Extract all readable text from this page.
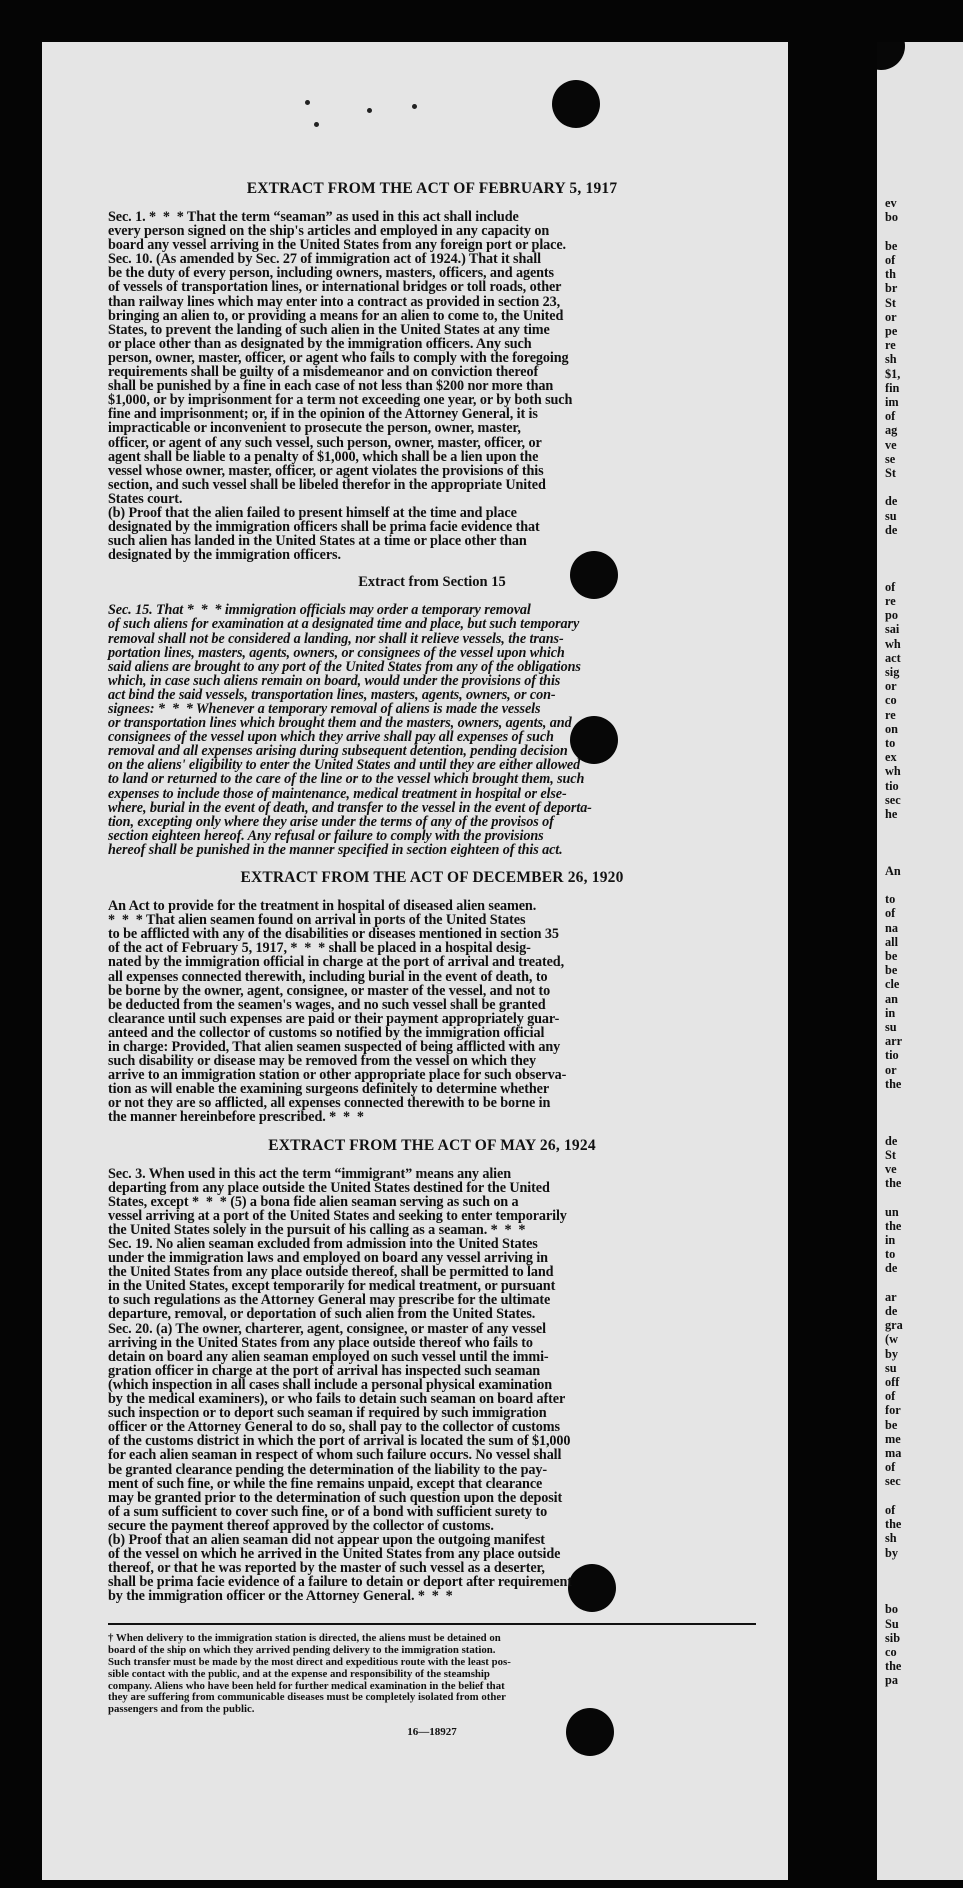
EXTRACT FROM THE ACT OF FEBRUARY 5, 1917
Sec. 1. *  *  * That the term “seaman” as used in this act shall include
every person signed on the ship's articles and employed in any capacity on
board any vessel arriving in the United States from any foreign port or place.
Sec. 10. (As amended by Sec. 27 of immigration act of 1924.) That it shall
be the duty of every person, including owners, masters, officers, and agents
of vessels of transportation lines, or international bridges or toll roads, other
than railway lines which may enter into a contract as provided in section 23,
bringing an alien to, or providing a means for an alien to come to, the United
States, to prevent the landing of such alien in the United States at any time
or place other than as designated by the immigration officers. Any such
person, owner, master, officer, or agent who fails to comply with the foregoing
requirements shall be guilty of a misdemeanor and on conviction thereof
shall be punished by a fine in each case of not less than $200 nor more than
$1,000, or by imprisonment for a term not exceeding one year, or by both such
fine and imprisonment; or, if in the opinion of the Attorney General, it is
impracticable or inconvenient to prosecute the person, owner, master,
officer, or agent of any such vessel, such person, owner, master, officer, or
agent shall be liable to a penalty of $1,000, which shall be a lien upon the
vessel whose owner, master, officer, or agent violates the provisions of this
section, and such vessel shall be libeled therefor in the appropriate United
States court.
(b) Proof that the alien failed to present himself at the time and place
designated by the immigration officers shall be prima facie evidence that
such alien has landed in the United States at a time or place other than
designated by the immigration officers.
Extract from Section 15
Sec. 15. That *  *  * immigration officials may order a temporary removal
of such aliens for examination at a designated time and place, but such temporary
removal shall not be considered a landing, nor shall it relieve vessels, the trans-
portation lines, masters, agents, owners, or consignees of the vessel upon which
said aliens are brought to any port of the United States from any of the obligations
which, in case such aliens remain on board, would under the provisions of this
act bind the said vessels, transportation lines, masters, agents, owners, or con-
signees: *  *  * Whenever a temporary removal of aliens is made the vessels
or transportation lines which brought them and the masters, owners, agents, and
consignees of the vessel upon which they arrive shall pay all expenses of such
removal and all expenses arising during subsequent detention, pending decision
on the aliens' eligibility to enter the United States and until they are either allowed
to land or returned to the care of the line or to the vessel which brought them, such
expenses to include those of maintenance, medical treatment in hospital or else-
where, burial in the event of death, and transfer to the vessel in the event of deporta-
tion, excepting only where they arise under the terms of any of the provisos of
section eighteen hereof. Any refusal or failure to comply with the provisions
hereof shall be punished in the manner specified in section eighteen of this act.
EXTRACT FROM THE ACT OF DECEMBER 26, 1920
An Act to provide for the treatment in hospital of diseased alien seamen.
*  *  * That alien seamen found on arrival in ports of the United States
to be afflicted with any of the disabilities or diseases mentioned in section 35
of the act of February 5, 1917, *  *  * shall be placed in a hospital desig-
nated by the immigration official in charge at the port of arrival and treated,
all expenses connected therewith, including burial in the event of death, to
be borne by the owner, agent, consignee, or master of the vessel, and not to
be deducted from the seamen's wages, and no such vessel shall be granted
clearance until such expenses are paid or their payment appropriately guar-
anteed and the collector of customs so notified by the immigration official
in charge: Provided, That alien seamen suspected of being afflicted with any
such disability or disease may be removed from the vessel on which they
arrive to an immigration station or other appropriate place for such observa-
tion as will enable the examining surgeons definitely to determine whether
or not they are so afflicted, all expenses connected therewith to be borne in
the manner hereinbefore prescribed. *  *  *
EXTRACT FROM THE ACT OF MAY 26, 1924
Sec. 3. When used in this act the term “immigrant” means any alien
departing from any place outside the United States destined for the United
States, except *  *  * (5) a bona fide alien seaman serving as such on a
vessel arriving at a port of the United States and seeking to enter temporarily
the United States solely in the pursuit of his calling as a seaman. *  *  *
Sec. 19. No alien seaman excluded from admission into the United States
under the immigration laws and employed on board any vessel arriving in
the United States from any place outside thereof, shall be permitted to land
in the United States, except temporarily for medical treatment, or pursuant
to such regulations as the Attorney General may prescribe for the ultimate
departure, removal, or deportation of such alien from the United States.
Sec. 20. (a) The owner, charterer, agent, consignee, or master of any vessel
arriving in the United States from any place outside thereof who fails to
detain on board any alien seaman employed on such vessel until the immi-
gration officer in charge at the port of arrival has inspected such seaman
(which inspection in all cases shall include a personal physical examination
by the medical examiners), or who fails to detain such seaman on board after
such inspection or to deport such seaman if required by such immigration
officer or the Attorney General to do so, shall pay to the collector of customs
of the customs district in which the port of arrival is located the sum of $1,000
for each alien seaman in respect of whom such failure occurs. No vessel shall
be granted clearance pending the determination of the liability to the pay-
ment of such fine, or while the fine remains unpaid, except that clearance
may be granted prior to the determination of such question upon the deposit
of a sum sufficient to cover such fine, or of a bond with sufficient surety to
secure the payment thereof approved by the collector of customs.
(b) Proof that an alien seaman did not appear upon the outgoing manifest
of the vessel on which he arrived in the United States from any place outside
thereof, or that he was reported by the master of such vessel as a deserter,
shall be prima facie evidence of a failure to detain or deport after requirement
by the immigration officer or the Attorney General. *  *  *
† When delivery to the immigration station is directed, the aliens must be detained on
board of the ship on which they arrived pending delivery to the immigration station.
Such transfer must be made by the most direct and expeditious route with the least pos-
sible contact with the public, and at the expense and responsibility of the steamship
company. Aliens who have been held for further medical examination in the belief that
they are suffering from communicable diseases must be completely isolated from other
passengers and from the public.
16—18927

ev
bo

be
of
th
br
St
or
pe
re
sh
$1,
fin
im
of
ag
ve
se
St

de
su
de

of
re
po
sai
wh
act
sig
or
co
re
on
to
ex
wh
tio
sec
he

An

to
of
na
all
be
be
cle
an
in
su
arr
tio
or
the

de
St
ve
the

un
the
in
to
de

ar
de
gra
(w
by
su
off
of
for
be
me
ma
of
sec

of
the
sh
by

bo
Su
sib
co
the
pa
